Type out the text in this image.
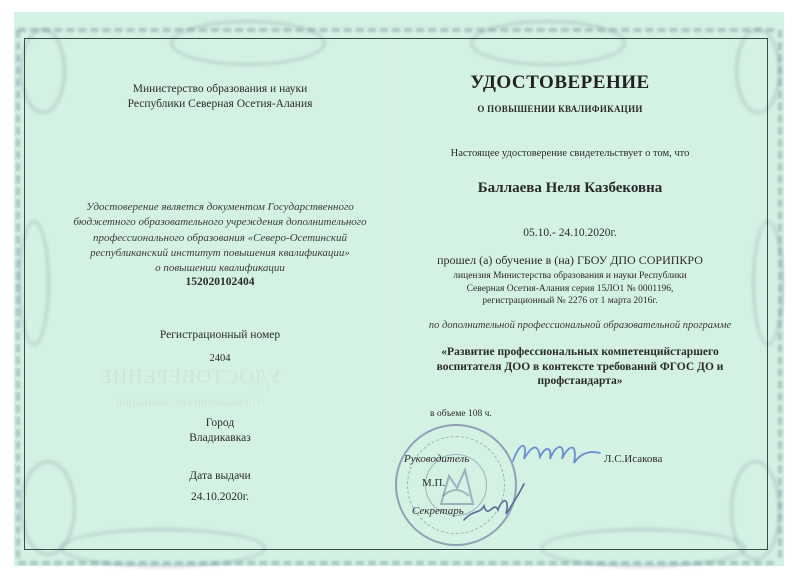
Министерство образования и науки
Республики Северная Осетия-Алания
Удостоверение является документом Государственного
бюджетного образовательного учреждения дополнительного
профессионального образования «Северо-Осетинский
республиканский институт повышения квалификации»
о повышении квалификации
152020102404
Регистрационный номер
2404
УДОСТОВЕРЕНИЕ
О ПОВЫШЕНИИ КВАЛИФИКАЦИИ
Город
Владикавказ
Дата выдачи
24.10.2020г.
УДОСТОВЕРЕНИЕ
О ПОВЫШЕНИИ КВАЛИФИКАЦИИ
Настоящее удостоверение свидетельствует о том, что
Баллаева Неля Казбековна
05.10.- 24.10.2020г.
прошел (а) обучение в (на) ГБОУ ДПО СОРИПКРО
лицензия Министерства образования и науки Республики
Северная Осетия-Алания серия 15ЛО1 № 0001196,
регистрационный № 2276 от 1 марта 2016г.
по дополнительной профессиональной образовательной программе
«Развитие профессиональных компетенцийстаршего
воспитателя ДОО в контексте требований ФГОС ДО и
профстандарта»
в объеме 108 ч.
Руководитель	Л.С.Исакова
М.П.
Секретарь
